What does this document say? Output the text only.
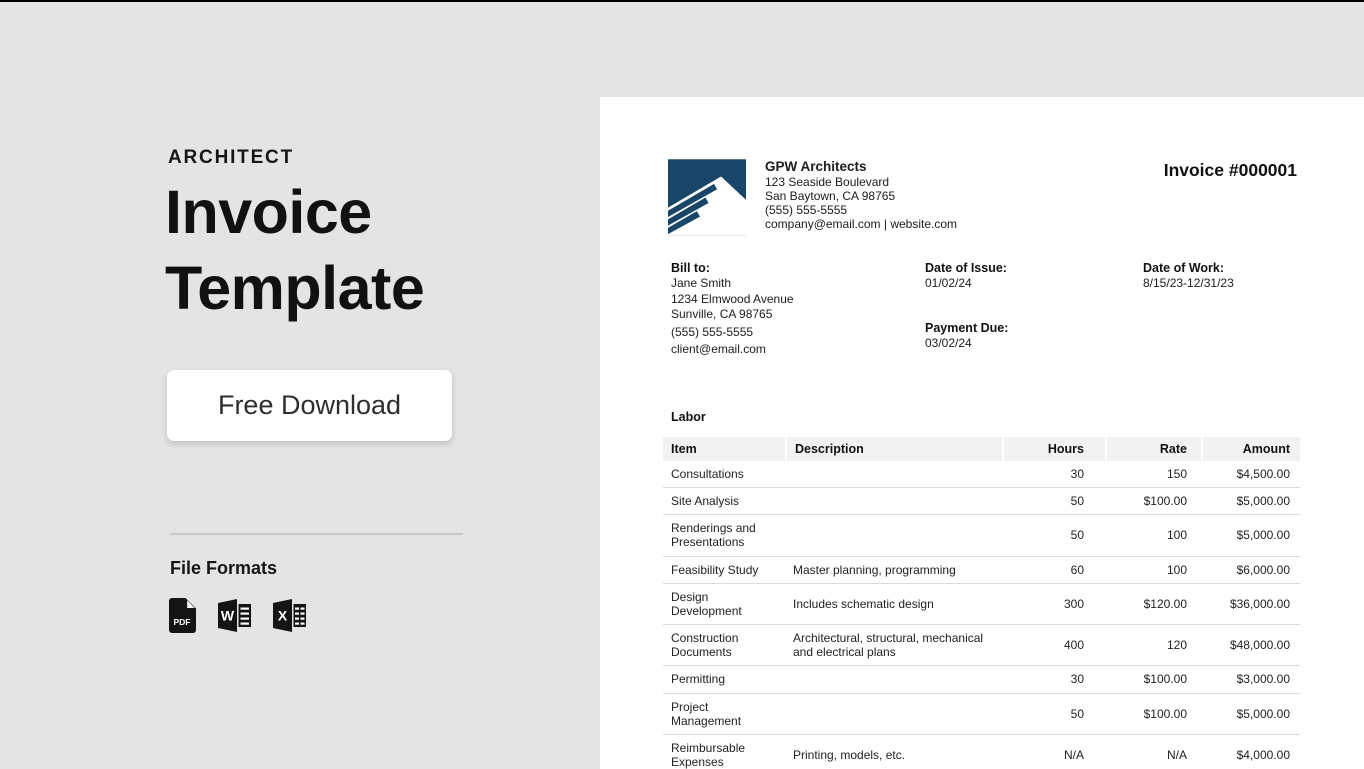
ARCHITECT
Invoice
Template
Free Download
File Formats
PDF W	X
GPW Architects
123 Seaside Boulevard
San Baytown, CA 98765
(555) 555-5555
company@email.com | website.com
Invoice #000001
Bill to:
Jane Smith
1234 Elmwood Avenue
Sunville, CA 98765
(555) 555-5555
client@email.com
Date of Issue:
01/02/24
Payment Due:
03/02/24
Date of Work:
8/15/23-12/31/23
Labor
Item	Description	Hours	Rate	Amount
Consultations		30	150	$4,500.00
Site Analysis		50	$100.00	$5,000.00
Renderings and Presentations		50	100	$5,000.00
Feasibility Study	Master planning, programming	60	100	$6,000.00
Design Development	Includes schematic design	300	$120.00	$36,000.00
Construction Documents	Architectural, structural, mechanical and electrical plans	400	120	$48,000.00
Permitting		30	$100.00	$3,000.00
Project Management		50	$100.00	$5,000.00
Reimbursable Expenses	Printing, models, etc.	N/A	N/A	$4,000.00
